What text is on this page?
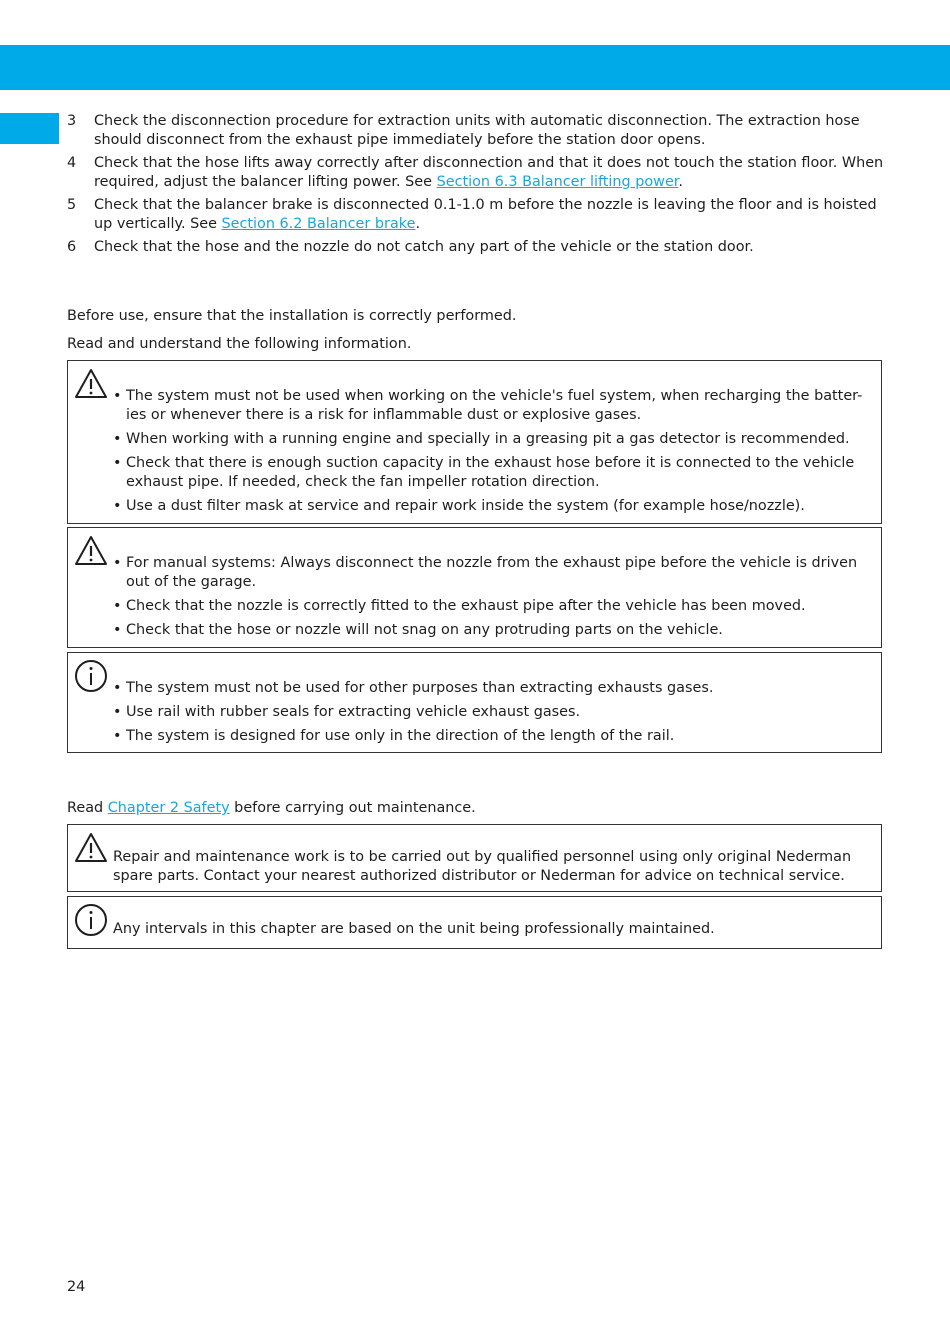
3	Check the disconnection procedure for extraction units with automatic disconnection. The extraction hose should disconnect from the exhaust pipe immediately before the station door opens.
4	Check that the hose lifts away correctly after disconnection and that it does not touch the station floor. When required, adjust the balancer lifting power. See Section 6.3 Balancer lifting power.
5	Check that the balancer brake is disconnected 0.1-1.0 m before the nozzle is leaving the floor and is hoisted up vertically. See Section 6.2 Balancer brake.
6	Check that the hose and the nozzle do not catch any part of the vehicle or the station door.

Before use, ensure that the installation is correctly performed.

Read and understand the following information.

• The system must not be used when working on the vehicle's fuel system, when recharging the batter-ies or whenever there is a risk for inflammable dust or explosive gases.
• When working with a running engine and specially in a greasing pit a gas detector is recommended.
• Check that there is enough suction capacity in the exhaust hose before it is connected to the vehicle exhaust pipe. If needed, check the fan impeller rotation direction.
• Use a dust filter mask at service and repair work inside the system (for example hose/nozzle).
• For manual systems: Always disconnect the nozzle from the exhaust pipe before the vehicle is driven out of the garage.
• Check that the nozzle is correctly fitted to the exhaust pipe after the vehicle has been moved.
• Check that the hose or nozzle will not snag on any protruding parts on the vehicle.
• The system must not be used for other purposes than extracting exhausts gases.
• Use rail with rubber seals for extracting vehicle exhaust gases.
• The system is designed for use only in the direction of the length of the rail.

Read Chapter 2 Safety before carrying out maintenance.

Repair and maintenance work is to be carried out by qualified personnel using only original Nederman spare parts. Contact your nearest authorized distributor or Nederman for advice on technical service.
Any intervals in this chapter are based on the unit being professionally maintained.
24
